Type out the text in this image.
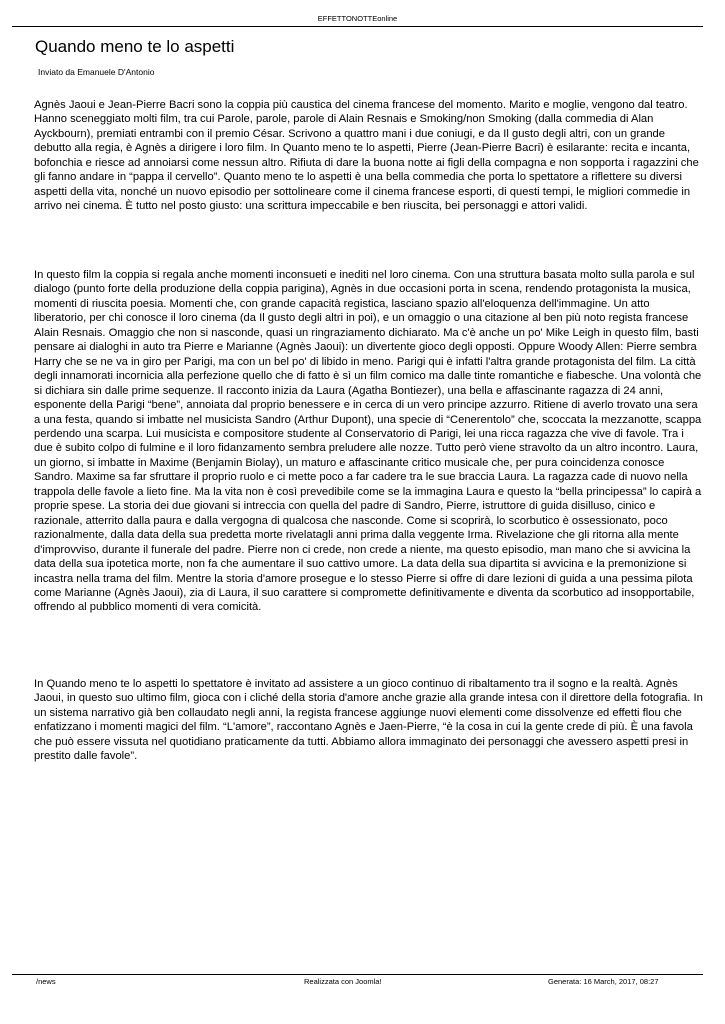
EFFETTONOTTEonline
Quando meno te lo aspetti
Inviato da Emanuele D'Antonio

Agnès Jaoui e Jean-Pierre Bacri sono la coppia più caustica del cinema francese del momento. Marito e moglie, vengono dal teatro. Hanno sceneggiato molti film, tra cui Parole, parole, parole di Alain Resnais e Smoking/non Smoking (dalla commedia di Alan Ayckbourn), premiati entrambi con il premio César. Scrivono a quattro mani i due coniugi, e da Il gusto degli altri, con un grande debutto alla regia, è Agnès a dirigere i loro film. In Quanto meno te lo aspetti, Pierre (Jean-Pierre Bacri) è esilarante: recita e incanta, bofonchia e riesce ad annoiarsi come nessun altro. Rifiuta di dare la buona notte ai figli della compagna e non sopporta i ragazzini che gli fanno andare in “pappa il cervello”. Quanto meno te lo aspetti è una bella commedia che porta lo spettatore a riflettere su diversi aspetti della vita, nonché un nuovo episodio per sottolineare come il cinema francese esporti, di questi tempi, le migliori commedie in arrivo nei cinema. È tutto nel posto giusto: una scrittura impeccabile e ben riuscita, bei personaggi e attori validi.

In questo film la coppia si regala anche momenti inconsueti e inediti nel loro cinema. Con una struttura basata molto sulla parola e sul dialogo (punto forte della produzione della coppia parigina), Agnès in due occasioni porta in scena, rendendo protagonista la musica, momenti di riuscita poesia. Momenti che, con grande capacità registica, lasciano spazio all'eloquenza dell'immagine. Un atto liberatorio, per chi conosce il loro cinema (da Il gusto degli altri in poi), e un omaggio o una citazione al ben più noto regista francese Alain Resnais. Omaggio che non si nasconde, quasi un ringraziamento dichiarato. Ma c'è anche un po' Mike Leigh in questo film, basti pensare ai dialoghi in auto tra Pierre e Marianne (Agnès Jaoui): un divertente gioco degli opposti. Oppure Woody Allen: Pierre sembra Harry che se ne va in giro per Parigi, ma con un bel po' di libido in meno. Parigi qui è infatti l'altra grande protagonista del film. La città degli innamorati incornicia alla perfezione quello che di fatto è sì un film comico ma dalle tinte romantiche e fiabesche. Una volontà che si dichiara sin dalle prime sequenze. Il racconto inizia da Laura (Agatha Bontiezer), una bella e affascinante ragazza di 24 anni, esponente della Parigi “bene”, annoiata dal proprio benessere e in cerca di un vero principe azzurro. Ritiene di averlo trovato una sera a una festa, quando si imbatte nel musicista Sandro (Arthur Dupont), una specie di “Cenerentolo” che, scoccata la mezzanotte, scappa perdendo una scarpa. Lui musicista e compositore studente al Conservatorio di Parigi, lei una ricca ragazza che vive di favole. Tra i due è subito colpo di fulmine e il loro fidanzamento sembra preludere alle nozze. Tutto però viene stravolto da un altro incontro. Laura, un giorno, si imbatte in Maxime (Benjamin Biolay), un maturo e affascinante critico musicale che, per pura coincidenza conosce Sandro. Maxime sa far sfruttare il proprio ruolo e ci mette poco a far cadere tra le sue braccia Laura. La ragazza cade di nuovo nella trappola delle favole a lieto fine. Ma la vita non è così prevedibile come se la immagina Laura e questo la “bella principessa” lo capirà a proprie spese. La storia dei due giovani si intreccia con quella del padre di Sandro, Pierre, istruttore di guida disilluso, cinico e razionale, atterrito dalla paura e dalla vergogna di qualcosa che nasconde. Come si scoprirà, lo scorbutico è ossessionato, poco razionalmente, dalla data della sua predetta morte rivelatagli anni prima dalla veggente Irma. Rivelazione che gli ritorna alla mente d'improvviso, durante il funerale del padre. Pierre non ci crede, non crede a niente, ma questo episodio, man mano che si avvicina la data della sua ipotetica morte, non fa che aumentare il suo cattivo umore. La data della sua dipartita si avvicina e la premonizione si incastra nella trama del film. Mentre la storia d'amore prosegue e lo stesso Pierre si offre di dare lezioni di guida a una pessima pilota come Marianne (Agnès Jaoui), zia di Laura, il suo carattere si compromette definitivamente e diventa da scorbutico ad insopportabile, offrendo al pubblico momenti di vera comicità.

In Quando meno te lo aspetti lo spettatore è invitato ad assistere a un gioco continuo di ribaltamento tra il sogno e la realtà. Agnès Jaoui, in questo suo ultimo film, gioca con i cliché della storia d'amore anche grazie alla grande intesa con il direttore della fotografia. In un sistema narrativo già ben collaudato negli anni, la regista francese aggiunge nuovi elementi come dissolvenze ed effetti flou che enfatizzano i momenti magici del film. “L'amore”, raccontano Agnès e Jaen-Pierre, “è la cosa in cui la gente crede di più. È una favola che può essere vissuta nel quotidiano praticamente da tutti. Abbiamo allora immaginato dei personaggi che avessero aspetti presi in prestito dalle favole”.

/news	Realizzata con Joomla!	Generata: 16 March, 2017, 08:27
